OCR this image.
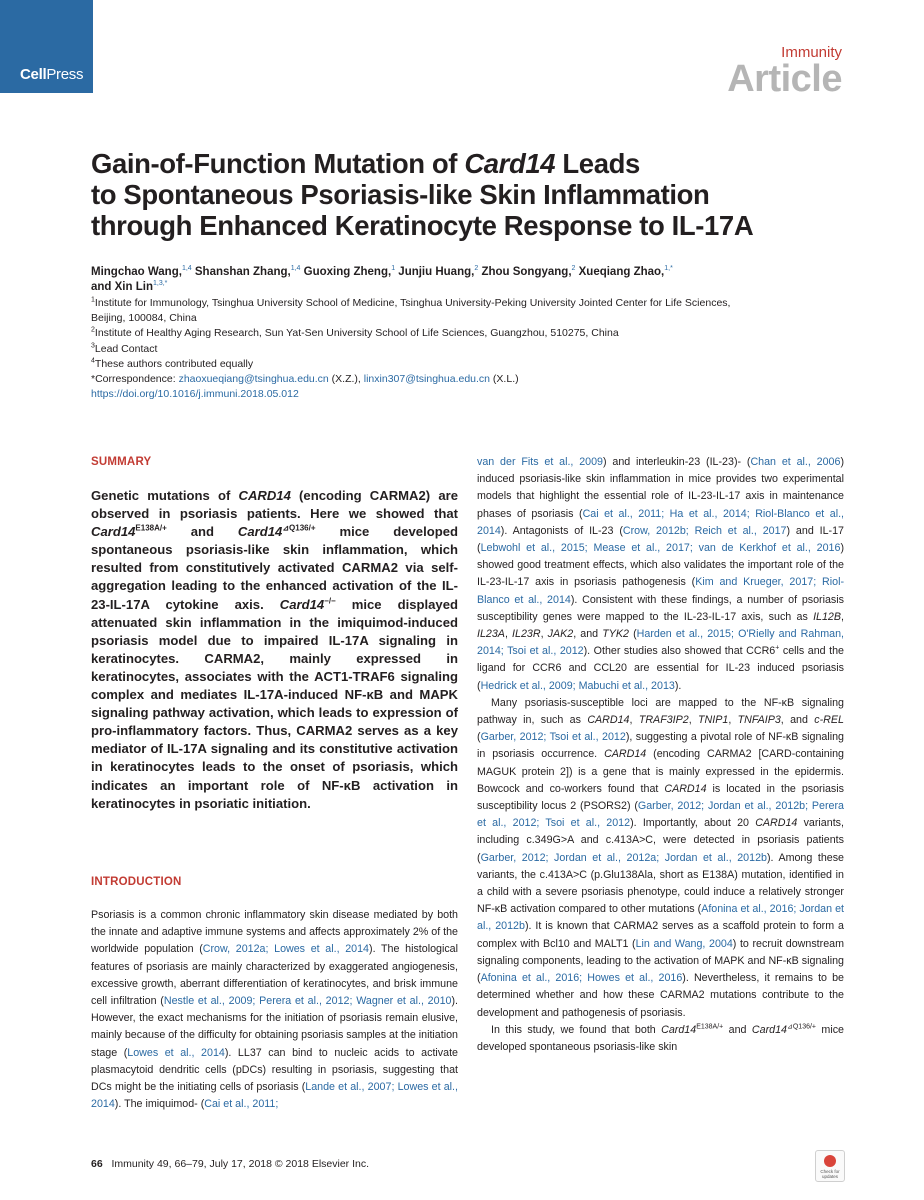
CellPress
Immunity
Article
Gain-of-Function Mutation of Card14 Leads
to Spontaneous Psoriasis-like Skin Inflammation
through Enhanced Keratinocyte Response to IL-17A
Mingchao Wang,$^{1,4}$ Shanshan Zhang,$^{1,4}$ Guoxing Zheng,$^1$ Junjiu Huang,$^2$ Zhou Songyang,$^2$ Xueqiang Zhao,$^{1,*}$
and Xin Lin$^{1,3,*}$
$^1$Institute for Immunology, Tsinghua University School of Medicine, Tsinghua University-Peking University Jointed Center for Life Sciences,
Beijing, 100084, China
$^2$Institute of Healthy Aging Research, Sun Yat-Sen University School of Life Sciences, Guangzhou, 510275, China
$^3$Lead Contact
$^4$These authors contributed equally
*Correspondence: zhaoxueqiang@tsinghua.edu.cn (X.Z.), linxin307@tsinghua.edu.cn (X.L.)
https://doi.org/10.1016/j.immuni.2018.05.012
SUMMARY
Genetic mutations of CARD14 (encoding CARMA2) are observed in psoriasis patients. Here we showed that $Card14^{E138A/+}$ and $Card14^{⊿Q136/+}$ mice developed spontaneous psoriasis-like skin inflammation, which resulted from constitutively activated CARMA2 via self-aggregation leading to the enhanced activation of the IL-23-IL-17A cytokine axis. Card14−/− mice displayed attenuated skin inflammation in the imiquimod-induced psoriasis model due to impaired IL-17A signaling in keratinocytes. CARMA2, mainly expressed in keratinocytes, associates with the ACT1-TRAF6 signaling complex and mediates IL-17A-induced NF-κB and MAPK signaling pathway activation, which leads to expression of pro-inflammatory factors. Thus, CARMA2 serves as a key mediator of IL-17A signaling and its constitutive activation in keratinocytes leads to the onset of psoriasis, which indicates an important role of NF-κB activation in keratinocytes in psoriatic initiation.
INTRODUCTION
Psoriasis is a common chronic inflammatory skin disease mediated by both the innate and adaptive immune systems and affects approximately 2% of the worldwide population (Crow, 2012a; Lowes et al., 2014). The histological features of psoriasis are mainly characterized by exaggerated angiogenesis, excessive growth, aberrant differentiation of keratinocytes, and brisk immune cell infiltration (Nestle et al., 2009; Perera et al., 2012; Wagner et al., 2010). However, the exact mechanisms for the initiation of psoriasis remain elusive, mainly because of the difficulty for obtaining psoriasis samples at the initiation stage (Lowes et al., 2014). LL37 can bind to nucleic acids to activate plasmacytoid dendritic cells (pDCs) resulting in psoriasis, suggesting that DCs might be the initiating cells of psoriasis (Lande et al., 2007; Lowes et al., 2014). The imiquimod- (Cai et al., 2011;

van der Fits et al., 2009) and interleukin-23 (IL-23)- (Chan et al., 2006) induced psoriasis-like skin inflammation in mice provides two experimental models that highlight the essential role of IL-23-IL-17 axis in maintenance phases of psoriasis (Cai et al., 2011; Ha et al., 2014; Riol-Blanco et al., 2014). Antagonists of IL-23 (Crow, 2012b; Reich et al., 2017) and IL-17 (Lebwohl et al., 2015; Mease et al., 2017; van de Kerkhof et al., 2016) showed good treatment effects, which also validates the important role of the IL-23-IL-17 axis in psoriasis pathogenesis (Kim and Krueger, 2017; Riol-Blanco et al., 2014). Consistent with these findings, a number of psoriasis susceptibility genes were mapped to the IL-23-IL-17 axis, such as IL12B, IL23A, IL23R, JAK2, and TYK2 (Harden et al., 2015; O'Rielly and Rahman, 2014; Tsoi et al., 2012). Other studies also showed that CCR6+ cells and the ligand for CCR6 and CCL20 are essential for IL-23 induced psoriasis (Hedrick et al., 2009; Mabuchi et al., 2013).

Many psoriasis-susceptible loci are mapped to the NF-κB signaling pathway in, such as CARD14, TRAF3IP2, TNIP1, TNFAIP3, and c-REL (Garber, 2012; Tsoi et al., 2012), suggesting a pivotal role of NF-κB signaling in psoriasis occurrence. CARD14 (encoding CARMA2 [CARD-containing MAGUK protein 2]) is a gene that is mainly expressed in the epidermis. Bowcock and co-workers found that CARD14 is located in the psoriasis susceptibility locus 2 (PSORS2) (Garber, 2012; Jordan et al., 2012b; Perera et al., 2012; Tsoi et al., 2012). Importantly, about 20 CARD14 variants, including c.349G>A and c.413A>C, were detected in psoriasis patients (Garber, 2012; Jordan et al., 2012a; Jordan et al., 2012b). Among these variants, the c.413A>C (p.Glu138Ala, short as E138A) mutation, identified in a child with a severe psoriasis phenotype, could induce a relatively stronger NF-κB activation compared to other mutations (Afonina et al., 2016; Jordan et al., 2012b). It is known that CARMA2 serves as a scaffold protein to form a complex with Bcl10 and MALT1 (Lin and Wang, 2004) to recruit downstream signaling components, leading to the activation of MAPK and NF-κB signaling (Afonina et al., 2016; Howes et al., 2016). Nevertheless, it remains to be determined whether and how these CARMA2 mutations contribute to the development and pathogenesis of psoriasis.

In this study, we found that both $Card14^{E138A/+}$ and $Card14^{⊿Q136/+}$ mice developed spontaneous psoriasis-like skin

66 Immunity 49, 66–79, July 17, 2018 © 2018 Elsevier Inc.
Check for updates
